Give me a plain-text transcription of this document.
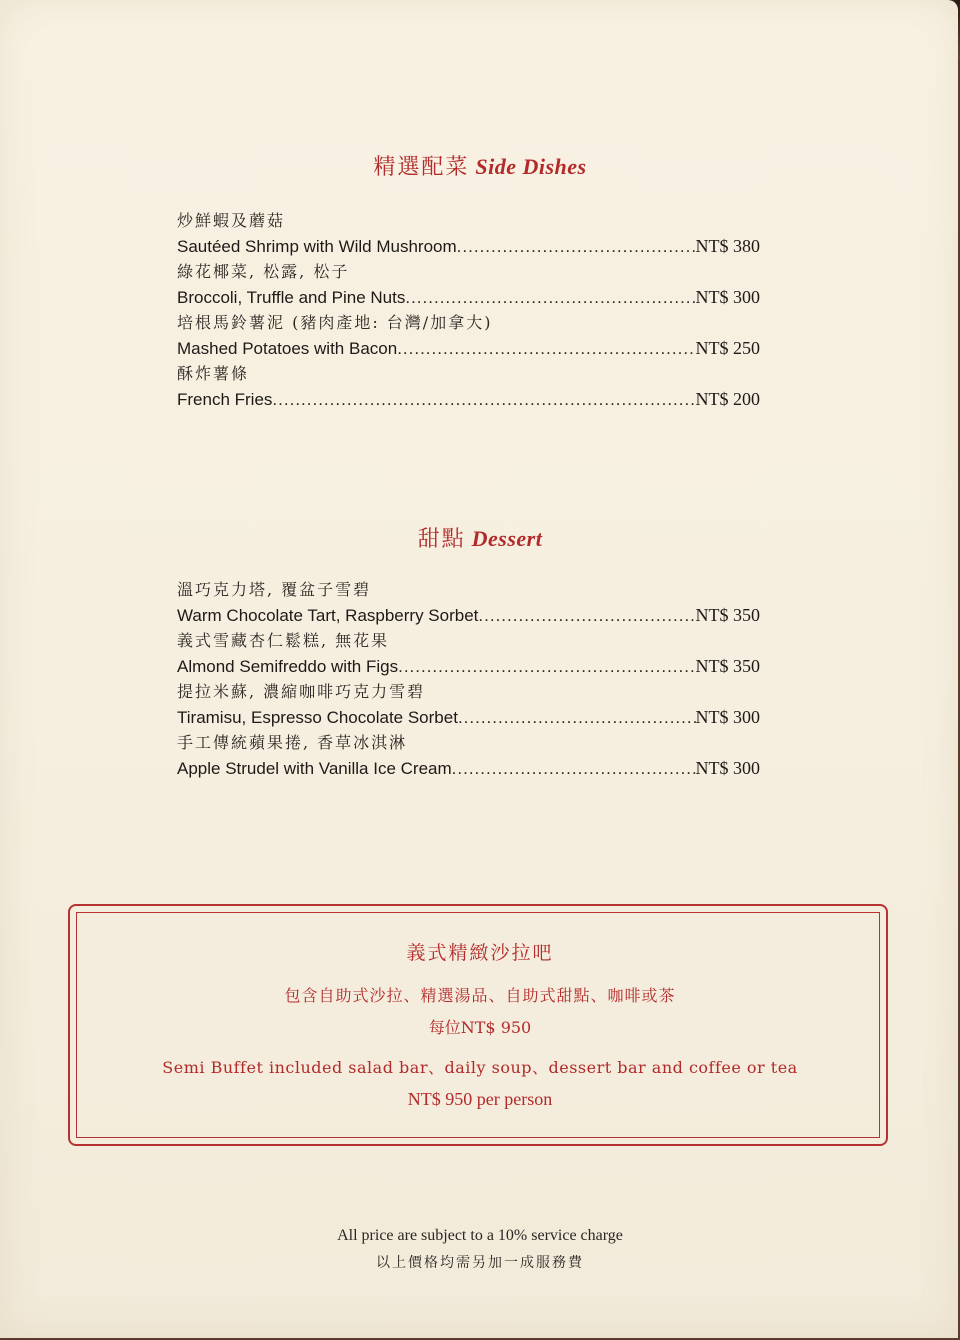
精選配菜 Side Dishes
炒鮮蝦及蘑菇
Sautéed Shrimp with Wild Mushroom .....	NT$ 380
綠花椰菜, 松露, 松子
Broccoli, Truffle and Pine Nuts .....	NT$ 300
培根馬鈴薯泥 (豬肉產地: 台灣/加拿大)
Mashed Potatoes with Bacon .....	NT$ 250
酥炸薯條
French Fries .....	NT$ 200
甜點 Dessert
溫巧克力塔, 覆盆子雪碧
Warm Chocolate Tart, Raspberry Sorbet .....	NT$ 350
義式雪藏杏仁鬆糕, 無花果
Almond Semifreddo with Figs .....	NT$ 350
提拉米蘇, 濃縮咖啡巧克力雪碧
Tiramisu, Espresso Chocolate Sorbet .....	NT$ 300
手工傳統蘋果捲, 香草冰淇淋
Apple Strudel with Vanilla Ice Cream .....	NT$ 300
義式精緻沙拉吧
包含自助式沙拉、精選湯品、自助式甜點、咖啡或茶
每位NT$ 950
Semi Buffet included salad bar、daily soup、dessert bar and coffee or tea
NT$ 950 per person
All price are subject to a 10% service charge
以上價格均需另加一成服務費
